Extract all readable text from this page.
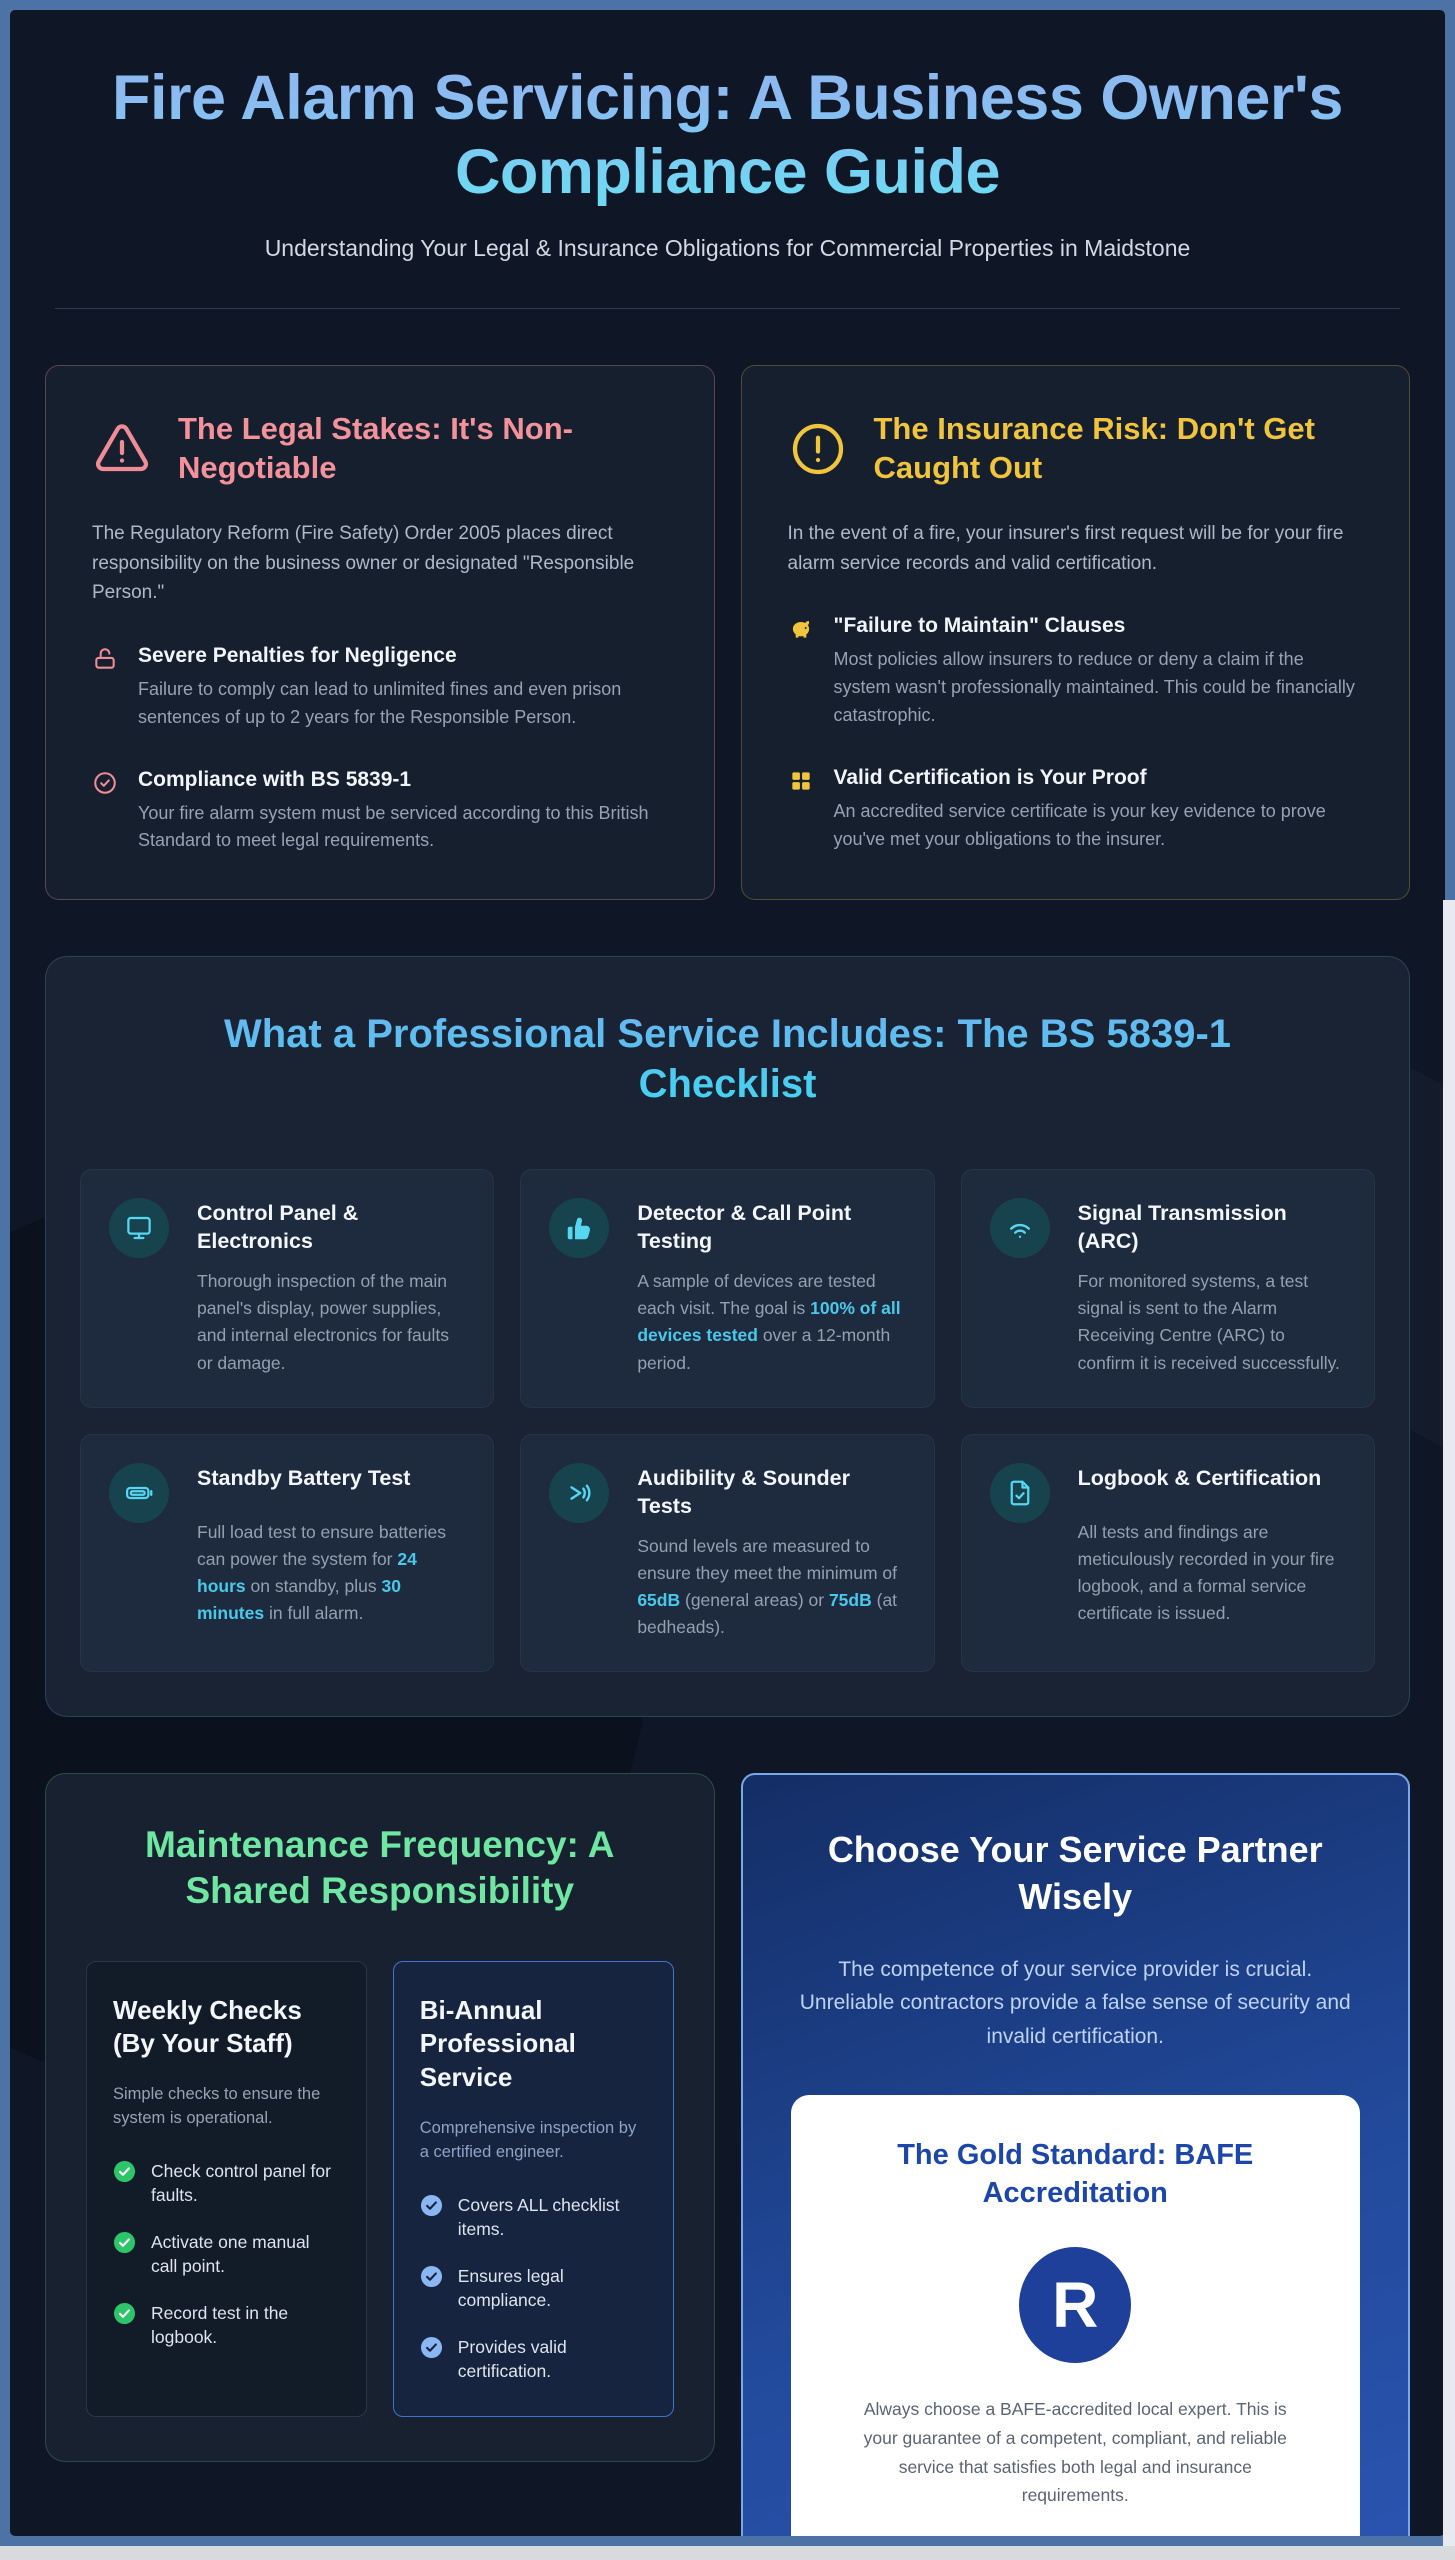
Fire Alarm Servicing: A Business Owner's Compliance Guide

Understanding Your Legal & Insurance Obligations for Commercial Properties in Maidstone

The Legal Stakes: It's Non-Negotiable

The Regulatory Reform (Fire Safety) Order 2005 places direct responsibility on the business owner or designated "Responsible Person."

Severe Penalties for Negligence

Failure to comply can lead to unlimited fines and even prison sentences of up to 2 years for the Responsible Person.

Compliance with BS 5839-1

Your fire alarm system must be serviced according to this British Standard to meet legal requirements.

The Insurance Risk: Don't Get Caught Out

In the event of a fire, your insurer's first request will be for your fire alarm service records and valid certification.

"Failure to Maintain" Clauses

Most policies allow insurers to reduce or deny a claim if the system wasn't professionally maintained. This could be financially catastrophic.

Valid Certification is Your Proof

An accredited service certificate is your key evidence to prove you've met your obligations to the insurer.

What a Professional Service Includes: The BS 5839-1 Checklist
Control Panel & Electronics

Thorough inspection of the main panel's display, power supplies, and internal electronics for faults or damage.

Detector & Call Point Testing

A sample of devices are tested each visit. The goal is 100% of all devices tested over a 12-month period.

Signal Transmission (ARC)

For monitored systems, a test signal is sent to the Alarm Receiving Centre (ARC) to confirm it is received successfully.

Standby Battery Test

Full load test to ensure batteries can power the system for 24 hours on standby, plus 30 minutes in full alarm.

Audibility & Sounder Tests

Sound levels are measured to ensure they meet the minimum of 65dB (general areas) or 75dB (at bedheads).

Logbook & Certification

All tests and findings are meticulously recorded in your fire logbook, and a formal service certificate is issued.

Maintenance Frequency: A Shared Responsibility
Weekly Checks (By Your Staff)

Simple checks to ensure the system is operational.

Check control panel for faults.
Activate one manual call point.
Record test in the logbook.
Bi-Annual Professional Service

Comprehensive inspection by a certified engineer.

Covers ALL checklist items.
Ensures legal compliance.
Provides valid certification.
Choose Your Service Partner Wisely

The competence of your service provider is crucial. Unreliable contractors provide a false sense of security and invalid certification.

The Gold Standard: BAFE Accreditation
R

Always choose a BAFE-accredited local expert. This is your guarantee of a competent, compliant, and reliable service that satisfies both legal and insurance requirements.
